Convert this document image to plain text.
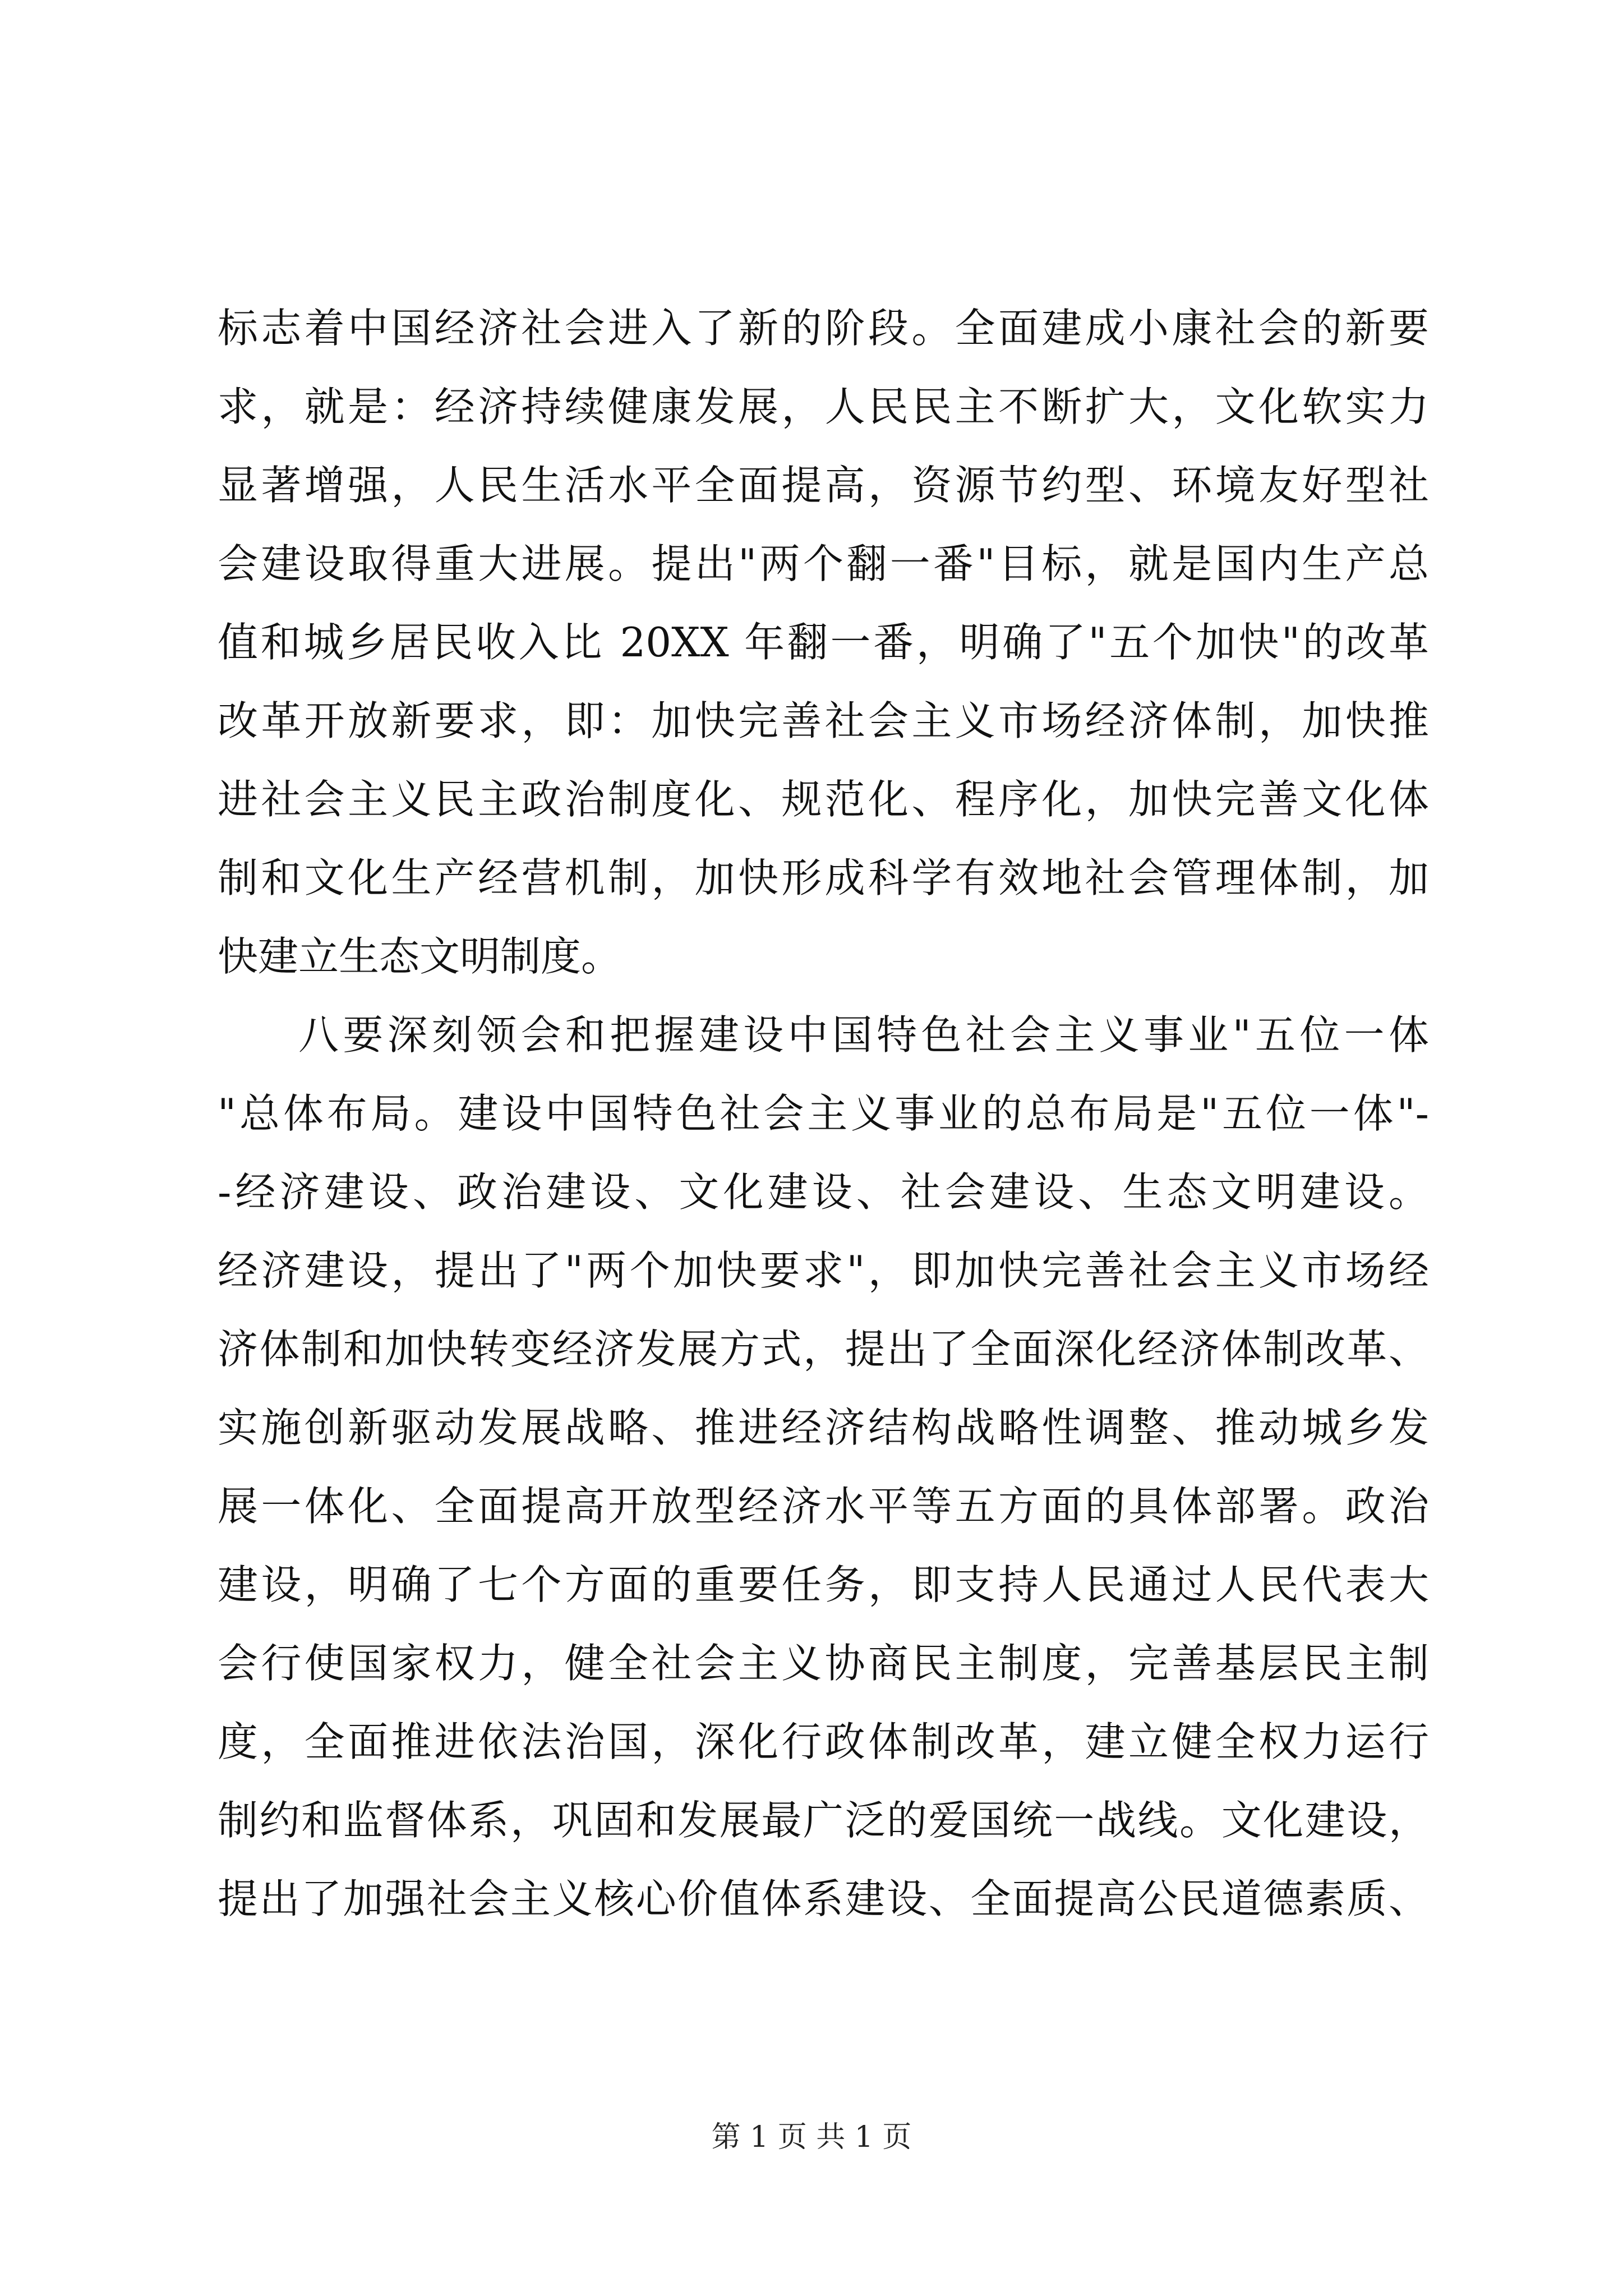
标志着中国经济社会进入了新的阶段。全面建成小康社会的新要
求，就是：经济持续健康发展，人民民主不断扩大，文化软实力
显著增强，人民生活水平全面提高，资源节约型、环境友好型社
会建设取得重大进展。提出"两个翻一番"目标，就是国内生产总
值和城乡居民收入比 20XX 年翻一番，明确了"五个加快"的改革
改革开放新要求，即：加快完善社会主义市场经济体制，加快推
进社会主义民主政治制度化、规范化、程序化，加快完善文化体
制和文化生产经营机制，加快形成科学有效地社会管理体制，加
快建立生态文明制度。
八要深刻领会和把握建设中国特色社会主义事业"五位一体
"总体布局。建设中国特色社会主义事业的总布局是"五位一体"-
-经济建设、政治建设、文化建设、社会建设、生态文明建设。
经济建设，提出了"两个加快要求"，即加快完善社会主义市场经
济体制和加快转变经济发展方式，提出了全面深化经济体制改革、
实施创新驱动发展战略、推进经济结构战略性调整、推动城乡发
展一体化、全面提高开放型经济水平等五方面的具体部署。政治
建设，明确了七个方面的重要任务，即支持人民通过人民代表大
会行使国家权力，健全社会主义协商民主制度，完善基层民主制
度，全面推进依法治国，深化行政体制改革，建立健全权力运行
制约和监督体系，巩固和发展最广泛的爱国统一战线。文化建设，
提出了加强社会主义核心价值体系建设、全面提高公民道德素质、
第 1 页 共 1 页
